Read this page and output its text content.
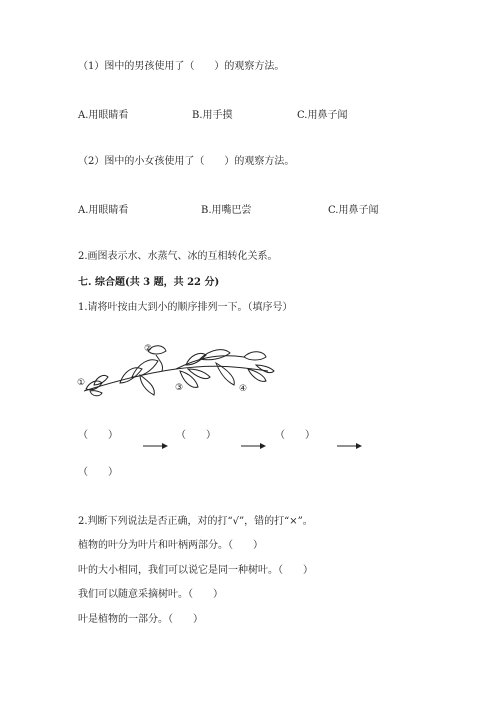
（1）图中的男孩使用了（　　）的观察方法。
A.用眼睛看	B.用手摸	C.用鼻子闻
（2）图中的小女孩使用了（　　）的观察方法。
A.用眼睛看	B.用嘴巴尝	C.用鼻子闻
2.画图表示水、水蒸气、冰的互相转化关系。
七. 综合题(共 3 题，共 22 分)
1.请将叶按由大到小的顺序排列一下。（填序号）
①
②
③	④
（　　）	（　　）	（　　）
（　　）
2.判断下列说法是否正确，对的打“√”，错的打“×”。
植物的叶分为叶片和叶柄两部分。（　　）
叶的大小相同，我们可以说它是同一种树叶。（　　）
我们可以随意采摘树叶。（　　）
叶是植物的一部分。（　　）
